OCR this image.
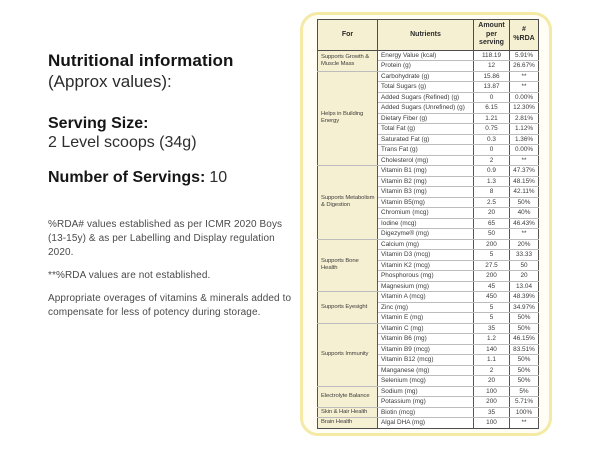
Nutritional information
(Approx values):
Serving Size:
2 Level scoops (34g)
Number of Servings: 10
%RDA# values established as per ICMR 2020 Boys (13-15y) & as per Labelling and Display regulation 2020.
**%RDA values are not established.
Appropriate overages of vitamins & minerals added to compensate for less of potency during storage.
For	Nutrients	Amount per serving	# %RDA
Supports Growth & Muscle Mass	Energy Value (kcal)	118.19	5.91%
	Protein (g)	12	26.67%
Helps in Building Energy	Carbohydrate (g)	15.86	**
	Total Sugars (g)	13.87	**
	Added Sugars (Refined) (g)	0	0.00%
	Added Sugars (Unrefined) (g)	6.15	12.30%
	Dietary Fiber (g)	1.21	2.81%
	Total Fat (g)	0.75	1.12%
	Saturated Fat (g)	0.3	1.36%
	Trans Fat (g)	0	0.00%
	Cholesterol (mg)	2	**
Supports Metabolism & Digestion	Vitamin B1 (mg)	0.9	47.37%
	Vitamin B2 (mg)	1.3	48.15%
	Vitamin B3 (mg)	8	42.11%
	Vitamin B5(mg)	2.5	50%
	Chromium (mcg)	20	40%
	Iodine (mcg)	65	46.43%
	Digezyme® (mg)	50	**
Supports Bone Health	Calcium (mg)	200	20%
	Vitamin D3 (mcg)	5	33.33
	Vitamin K2 (mcg)	27.5	50
	Phosphorous (mg)	200	20
	Magnesium (mg)	45	13.04
Supports Eyesight	Vitamin A (mcg)	450	48.39%
	Zinc (mg)	5	34.97%
	Vitamin E (mg)	5	50%
Supports Immunity	Vitamin C (mg)	35	50%
	Vitamin B6 (mg)	1.2	46.15%
	Vitamin B9 (mcg)	140	83.51%
	Vitamin B12 (mcg)	1.1	50%
	Manganese (mg)	2	50%
	Selenium (mcg)	20	50%
Electrolyte Balance	Sodium (mg)	100	5%
	Potassium (mg)	200	5.71%
Skin & Hair Health	Biotin (mcg)	35	100%
Brain Health	Algal DHA (mg)	100	**
